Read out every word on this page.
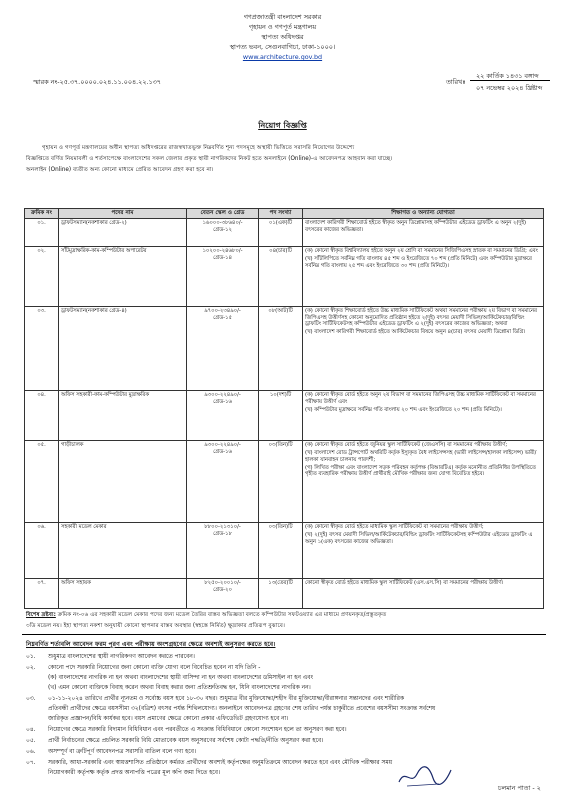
গণপ্রজাতন্ত্রী বাংলাদেশ সরকার
গৃহায়ন ও গণপূর্ত মন্ত্রণালয়
স্থাপত্য অধিদপ্তর
স্থাপত্য ভবন, সেগুনবাগিচা, ঢাকা-১০০০।
www.architecture.gov.bd
স্মারক নং-২৫.৩৭.০০০০.০২৪.১১.০০৪.২২.১৩৭	তারিখঃ
২২ কার্তিক ১৪৩১ বঙ্গাব্দ
০৭ নভেম্বর ২০২৪ খ্রিষ্টাব্দ
নিয়োগ বিজ্ঞপ্তি
গৃহায়ন ও গণপূর্ত মন্ত্রণালয়ের অধীন স্থাপত্য অধিদপ্তরের রাজস্বখাতভুক্ত নিম্নবর্ণিত শূন্য পদসমূহে অস্থায়ী ভিত্তিতে সরাসরি নিয়োগের উদ্দেশ্যে
বিজ্ঞপ্তিতে বর্ণিত নিয়মাবলী ও শর্তসাপেক্ষে বাংলাদেশের সকল জেলার প্রকৃত স্থায়ী নাগরিকদের নিকট হতে অনলাইনে (Online)-এ আবেদনপত্র আহবান করা যাচ্ছে।
অনলাইন (Online) ব্যতীত অন্য কোনো মাধ্যমে প্রেরিত আবেদন গ্রহণ করা হবে না।
ক্রমিক নং	পদের নাম	বেতন স্কেল ও গ্রেড	পদ সংখ্যা	শিক্ষাগত ও অন্যান্য যোগ্যতা
০১.	ড্রাফটসম্যান(নকশাকার গ্রেড-২)	১৬০০০-৩৮৬৪০/-
গ্রেড-১২	০১(এক)টি	বাংলাদেশ কারিগরী শিক্ষাবোর্ড হইতে স্বীকৃত অনুন ডিপ্লোমাসহ কম্পিউটার এইডেড ড্রাফটিং এ অনুন ২(দুই) বৎসরের কাজের অভিজ্ঞতা।

০২.	সাঁটমুদ্রাক্ষরিক-কাম-কম্পিউটার অপারেটর	১০২০০-২৪৬৮০/-
গ্রেড-১৪	০৪(চার)টি	(ক) কোনো স্বীকৃত বিশ্ববিদ্যালয় হইতে অনুন ২য় শ্রেণি বা সমমানের সিজিপিএসহ স্নাতক বা সমমানের ডিগ্রি; এবং
(খ) সাঁটলিপিতে সর্বনিম্ন গতি বাংলায় ৪৫ শব্দ ও ইংরেজিতে ৭০ শব্দ (প্রতি মিনিটে) এবং কম্পিউটার মুদ্রাক্ষরে সর্বনিম্ন গতি বাংলায় ২৫ শব্দ এবং ইংরেজিতে ৩০ শব্দ (প্রতি মিনিটে)।

০৩.	ড্রাফটসম্যান(নকশাকার গ্রেড-৪)	৯৭০০-২৩৪৯০/-
গ্রেড-১৫	০৮(আট)টি	(ক) কোনো স্বীকৃত শিক্ষাবোর্ড হইতে উচ্চ মাধ্যমিক সার্টিফিকেট অথবা সমমানের পরীক্ষায় ২য় বিভাগ বা সমমানের জিপিএসহ উত্তীর্ণসহ কোনো অনুমোদিত প্রতিষ্ঠান হইতে ২(দুই) বৎসর মেয়াদী সিভিল/আর্কিটেকচার/বিল্ডিং ড্রাফটিং সার্টিফিকেটসহ কম্পিউটার এইডেড ড্রাফটিং এ ২(দুই) বৎসরের কাজের অভিজ্ঞতা; অথবা
(খ) বাংলাদেশ কারিগরী শিক্ষাবোর্ড হইতে আর্কিটেকচার বিষয়ে অনুন ৪(চার) বৎসর মেয়াদী ডিপ্লোমা ডিগ্রি।

০৪.	অফিস সহকারী-কাম-কম্পিউটার মুদ্রাক্ষরিক	৯৩০০-২২৪৯০/-
গ্রেড-১৬	১০(দশ)টি	(ক) কোনো স্বীকৃত বোর্ড হইতে অনুন ২য় বিভাগ বা সমমানের জিপিএসহ উচ্চ মাধ্যমিক সার্টিফিকেট বা সমমানের পরীক্ষায় উত্তীর্ণ এবং
(খ) কম্পিউটার মুদ্রাক্ষরে সর্বনিম্ন গতি বাংলায় ২০ শব্দ এবং ইংরেজিতে ২০ শব্দ (প্রতি মিনিটে)।

০৫.	গাড়ীচালক	৯৩০০-২২৪৯০/-
গ্রেড-১৬	০৩(তিন)টি	(ক) কোনো স্বীকৃত বোর্ড হইতে জুনিয়র স্কুল সার্টিফিকেট (জেএসসি) বা সমমানের পরীক্ষায় উত্তীর্ণ;
(খ) বাংলাদেশ রোড ট্রান্সপোর্ট অথরিটি কর্তৃক ইস্যুকৃত বৈধ লাইসেন্সসহ (ভারী লাইসেন্স/হালকা লাইসেন্স) ভারী/হালকা যানবাহন চালনায় পারদর্শী;
(গ) লিখিত পরীক্ষা এবং বাংলাদেশ সড়ক পরিবহন কর্তৃপক্ষ (বিআরটিএ) কর্তৃক মনোনীত প্রতিনিধির উপস্থিতিতে গৃহীত ব্যবহারিক পরীক্ষায় উত্তীর্ণ প্রার্থীরাই মৌখিক পরীক্ষার জন্য যোগ্য বিবেচিত হইবে।

০৬.	সহকারী মডেল মেকার	৮৮০০-২১৩১০/-
গ্রেড-১৮	০৩(তিন)টি	(ক) কোনো স্বীকৃত বোর্ড হইতে মাধ্যমিক স্কুল সার্টিফিকেট বা সমমানের পরীক্ষায় উত্তীর্ণ;
(খ) ২(দুই) বৎসর মেয়াদী সিভিল/আর্কিটেকচার/বিল্ডিং ড্রাফটিং সার্টিফিকেটসহ কম্পিউটার এইডেড ড্রাফটিং এ অনুন ১(এক) বৎসরের কাজের অভিজ্ঞতা।

০৭.	অফিস সহায়ক	৮২৫০-২০০১০/-
গ্রেড-২০	১৩(তের)টি	কোনো স্বীকৃত বোর্ড হইতে মাধ্যমিক স্কুল সার্টিফিকেট (এস.এস.সি) বা সমমানের পরীক্ষায় উত্তীর্ণ।
বিশেষ দ্রষ্টব্য: ক্রমিক নং-০৬ এর সহকারী মডেল মেকার পদের জন্য মডেল তৈরির বাস্তব অভিজ্ঞতা বলতে কম্পিউটার সফটওয়্যার এর মাধ্যমে প্রণয়নকৃত/প্রস্তুতকৃত
৩ডি মডেল নয়। ইহা স্থাপত্য নকশা অনুযায়ী কোনো স্থাপনার বাস্তব অবস্থার (স্বহস্তে নির্মিত) ক্ষুদ্রাকার প্রতিরূপ বুঝাবে।
নিম্নবর্ণিত শর্তাবলি আবেদন ফরম পূরণ এবং পরীক্ষায় অংশগ্রহণের ক্ষেত্রে অবশ্যই অনুসরণ করতে হবে।
০১. শুধুমাত্র বাংলাদেশের স্থায়ী নাগরিকগণ আবেদন করতে পারবেন।
০২. কোনো পদে সরকারি নিয়োগের জন্য কোনো ব্যক্তি যোগ্য বলে বিবেচিত হবেন না যদি তিনি -
(ক) বাংলাদেশের নাগরিক না হন অথবা বাংলাদেশের স্থায়ী বাসিন্দা না হন অথবা বাংলাদেশের ডমিসাইল না হন এবং
(খ) এমন কোনো ব্যক্তিকে বিবাহ করেন অথবা বিবাহ করার জন্য প্রতিশ্রুতিবদ্ধ হন, যিনি বাংলাদেশের নাগরিক নন।
০৩. ০১-১১-২০২৪ তারিখে প্রার্থীর ন্যূনতম ও সর্বোচ্চ বয়স হবে ১৮-৩০ বছর। শুধুমাত্র বীর মুক্তিযোদ্ধা/শহীদ বীর মুক্তিযোদ্ধা/বীরাঙ্গনার সন্তানদের এবং শারীরিক
প্রতিবন্ধী প্রার্থীদের ক্ষেত্রে বয়সসীমা ৩২(বত্রিশ) বৎসর পর্যন্ত শিথিলযোগ্য। অনলাইনে আবেদনপত্র গ্রহণের শেষ তারিখ পর্যন্ত চাকুরীতে প্রবেশের বয়সসীমা সংক্রান্ত সর্বশেষ
জারিকৃত প্রজ্ঞাপন/বিধি কার্যকর হবে। বয়স প্রমাণের ক্ষেত্রে কোনো প্রকার এফিডেভিট গ্রহণযোগ্য হবে না।
০৪. নিয়োগের ক্ষেত্রে সরকারি বিদ্যমান বিধিবিধান এবং পরবর্তীতে এ সংক্রান্ত বিধিবিধানে কোনো সংশোধন হলে তা অনুসরণ করা হবে।
০৫. প্রার্থী নির্বাচনের ক্ষেত্রে প্রচলিত সরকারি বিধি মোতাবেক বয়স অনুসরণের সর্বশেষ কোটা পদ্ধতি/নীতি অনুসরণ করা হবে।
০৬. অসম্পূর্ণ বা ত্রুটিপূর্ণ আবেদনপত্র সরাসরি বাতিল বলে গণ্য হবে।
০৭. সরকারি, আধা-সরকারি এবং স্বায়ত্তশাসিত প্রতিষ্ঠানে কর্মরত প্রার্থীদের অবশ্যই কর্তৃপক্ষের অনুমতিক্রমে আবেদন করতে হবে এবং মৌখিক পরীক্ষার সময়
নিয়োগকারী কর্তৃপক্ষ কর্তৃক প্রদত্ত অনাপত্তি পত্রের মূল কপি জমা দিতে হবে।
চলমান পাতা - ২
